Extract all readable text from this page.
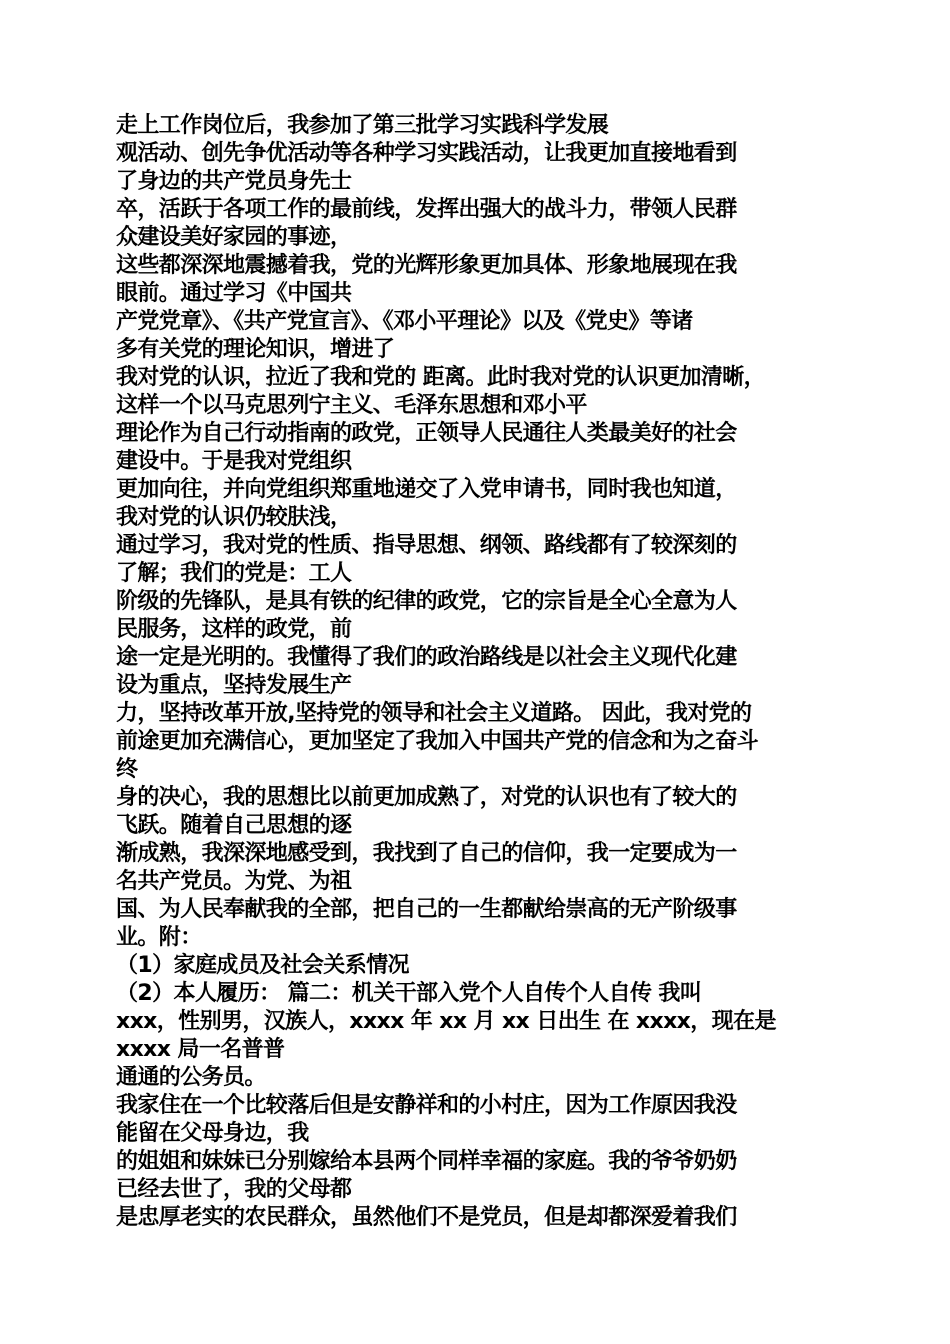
走上工作岗位后，我参加了第三批学习实践科学发展
观活动、创先争优活动等各种学习实践活动，让我更加直接地看到
了身边的共产党员身先士
卒，活跃于各项工作的最前线，发挥出强大的战斗力，带领人民群
众建设美好家园的事迹，
这些都深深地震撼着我，党的光辉形象更加具体、形象地展现在我
眼前。通过学习《中国共
产党党章》、《共产党宣言》、《邓小平理论》以及《党史》等诸
多有关党的理论知识，增进了
我对党的认识，拉近了我和党的 距离。此时我对党的认识更加清晰，
这样一个以马克思列宁主义、毛泽东思想和邓小平
理论作为自己行动指南的政党，正领导人民通往人类最美好的社会
建设中。于是我对党组织
更加向往，并向党组织郑重地递交了入党申请书，同时我也知道，
我对党的认识仍较肤浅，
通过学习，我对党的性质、指导思想、纲领、路线都有了较深刻的
了解；我们的党是：工人
阶级的先锋队，是具有铁的纪律的政党，它的宗旨是全心全意为人
民服务，这样的政党，前
途一定是光明的。我懂得了我们的政治路线是以社会主义现代化建
设为重点，坚持发展生产
力，坚持改革开放,坚持党的领导和社会主义道路。 因此，我对党的
前途更加充满信心，更加坚定了我加入中国共产党的信念和为之奋斗
终
身的决心，我的思想比以前更加成熟了，对党的认识也有了较大的
飞跃。随着自己思想的逐
渐成熟，我深深地感受到，我找到了自己的信仰，我一定要成为一
名共产党员。为党、为祖
国、为人民奉献我的全部，把自己的一生都献给崇高的无产阶级事
业。附：
（1）家庭成员及社会关系情况
（2）本人履历： 篇二：机关干部入党个人自传个人自传 我叫
xxx，性别男，汉族人，xxxx 年 xx 月 xx 日出生 在 xxxx，现在是
xxxx 局一名普普
通通的公务员。
我家住在一个比较落后但是安静祥和的小村庄，因为工作原因我没
能留在父母身边，我
的姐姐和妹妹已分别嫁给本县两个同样幸福的家庭。我的爷爷奶奶
已经去世了，我的父母都
是忠厚老实的农民群众，虽然他们不是党员，但是却都深爱着我们
